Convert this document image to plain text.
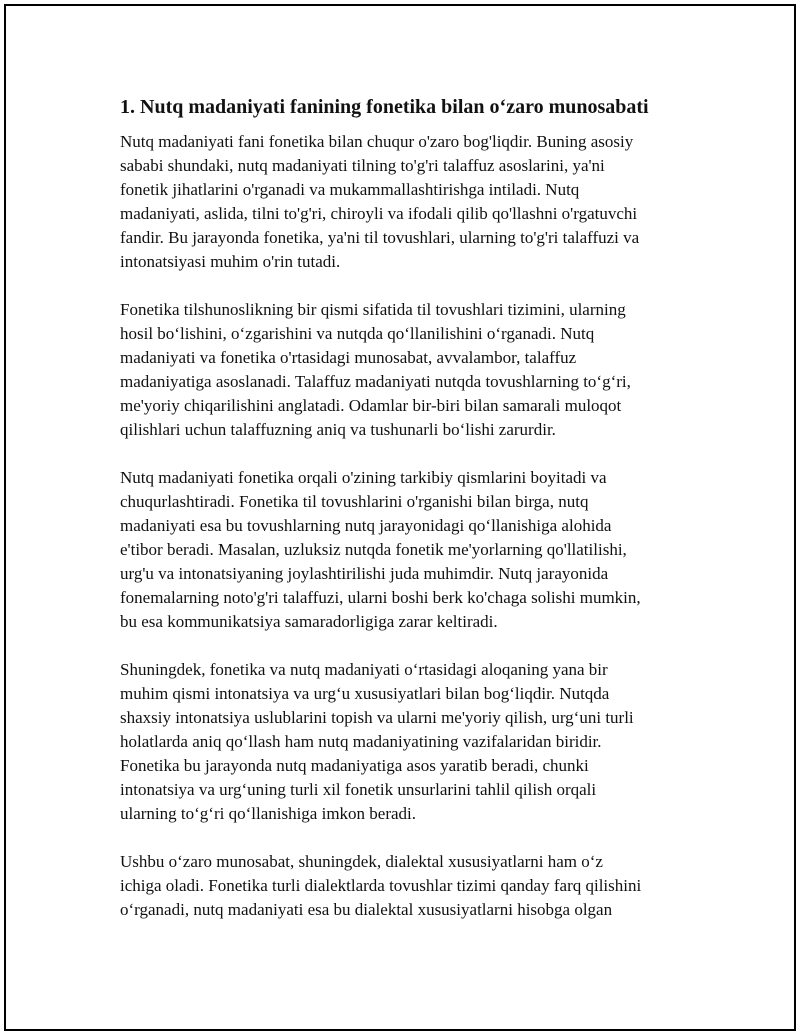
1. Nutq madaniyati fanining fonetika bilan o‘zaro munosabati

Nutq madaniyati fani fonetika bilan chuqur o'zaro bog'liqdir. Buning asosiy
sababi shundaki, nutq madaniyati tilning to'g'ri talaffuz asoslarini, ya'ni
fonetik jihatlarini o'rganadi va mukammallashtirishga intiladi. Nutq
madaniyati, aslida, tilni to'g'ri, chiroyli va ifodali qilib qo'llashni o'rgatuvchi
fandir. Bu jarayonda fonetika, ya'ni til tovushlari, ularning to'g'ri talaffuzi va
intonatsiyasi muhim o'rin tutadi.

Fonetika tilshunoslikning bir qismi sifatida til tovushlari tizimini, ularning
hosil bo‘lishini, o‘zgarishini va nutqda qo‘llanilishini o‘rganadi. Nutq
madaniyati va fonetika o'rtasidagi munosabat, avvalambor, talaffuz
madaniyatiga asoslanadi. Talaffuz madaniyati nutqda tovushlarning to‘g‘ri,
me'yoriy chiqarilishini anglatadi. Odamlar bir-biri bilan samarali muloqot
qilishlari uchun talaffuzning aniq va tushunarli bo‘lishi zarurdir.

Nutq madaniyati fonetika orqali o'zining tarkibiy qismlarini boyitadi va
chuqurlashtiradi. Fonetika til tovushlarini o'rganishi bilan birga, nutq
madaniyati esa bu tovushlarning nutq jarayonidagi qo‘llanishiga alohida
e'tibor beradi. Masalan, uzluksiz nutqda fonetik me'yorlarning qo'llatilishi,
urg'u va intonatsiyaning joylashtirilishi juda muhimdir. Nutq jarayonida
fonemalarning noto'g'ri talaffuzi, ularni boshi berk ko'chaga solishi mumkin,
bu esa kommunikatsiya samaradorligiga zarar keltiradi.

Shuningdek, fonetika va nutq madaniyati o‘rtasidagi aloqaning yana bir
muhim qismi intonatsiya va urg‘u xususiyatlari bilan bog‘liqdir. Nutqda
shaxsiy intonatsiya uslublarini topish va ularni me'yoriy qilish, urg‘uni turli
holatlarda aniq qo‘llash ham nutq madaniyatining vazifalaridan biridir.
Fonetika bu jarayonda nutq madaniyatiga asos yaratib beradi, chunki
intonatsiya va urg‘uning turli xil fonetik unsurlarini tahlil qilish orqali
ularning to‘g‘ri qo‘llanishiga imkon beradi.

Ushbu o‘zaro munosabat, shuningdek, dialektal xususiyatlarni ham o‘z
ichiga oladi. Fonetika turli dialektlarda tovushlar tizimi qanday farq qilishini
o‘rganadi, nutq madaniyati esa bu dialektal xususiyatlarni hisobga olgan
